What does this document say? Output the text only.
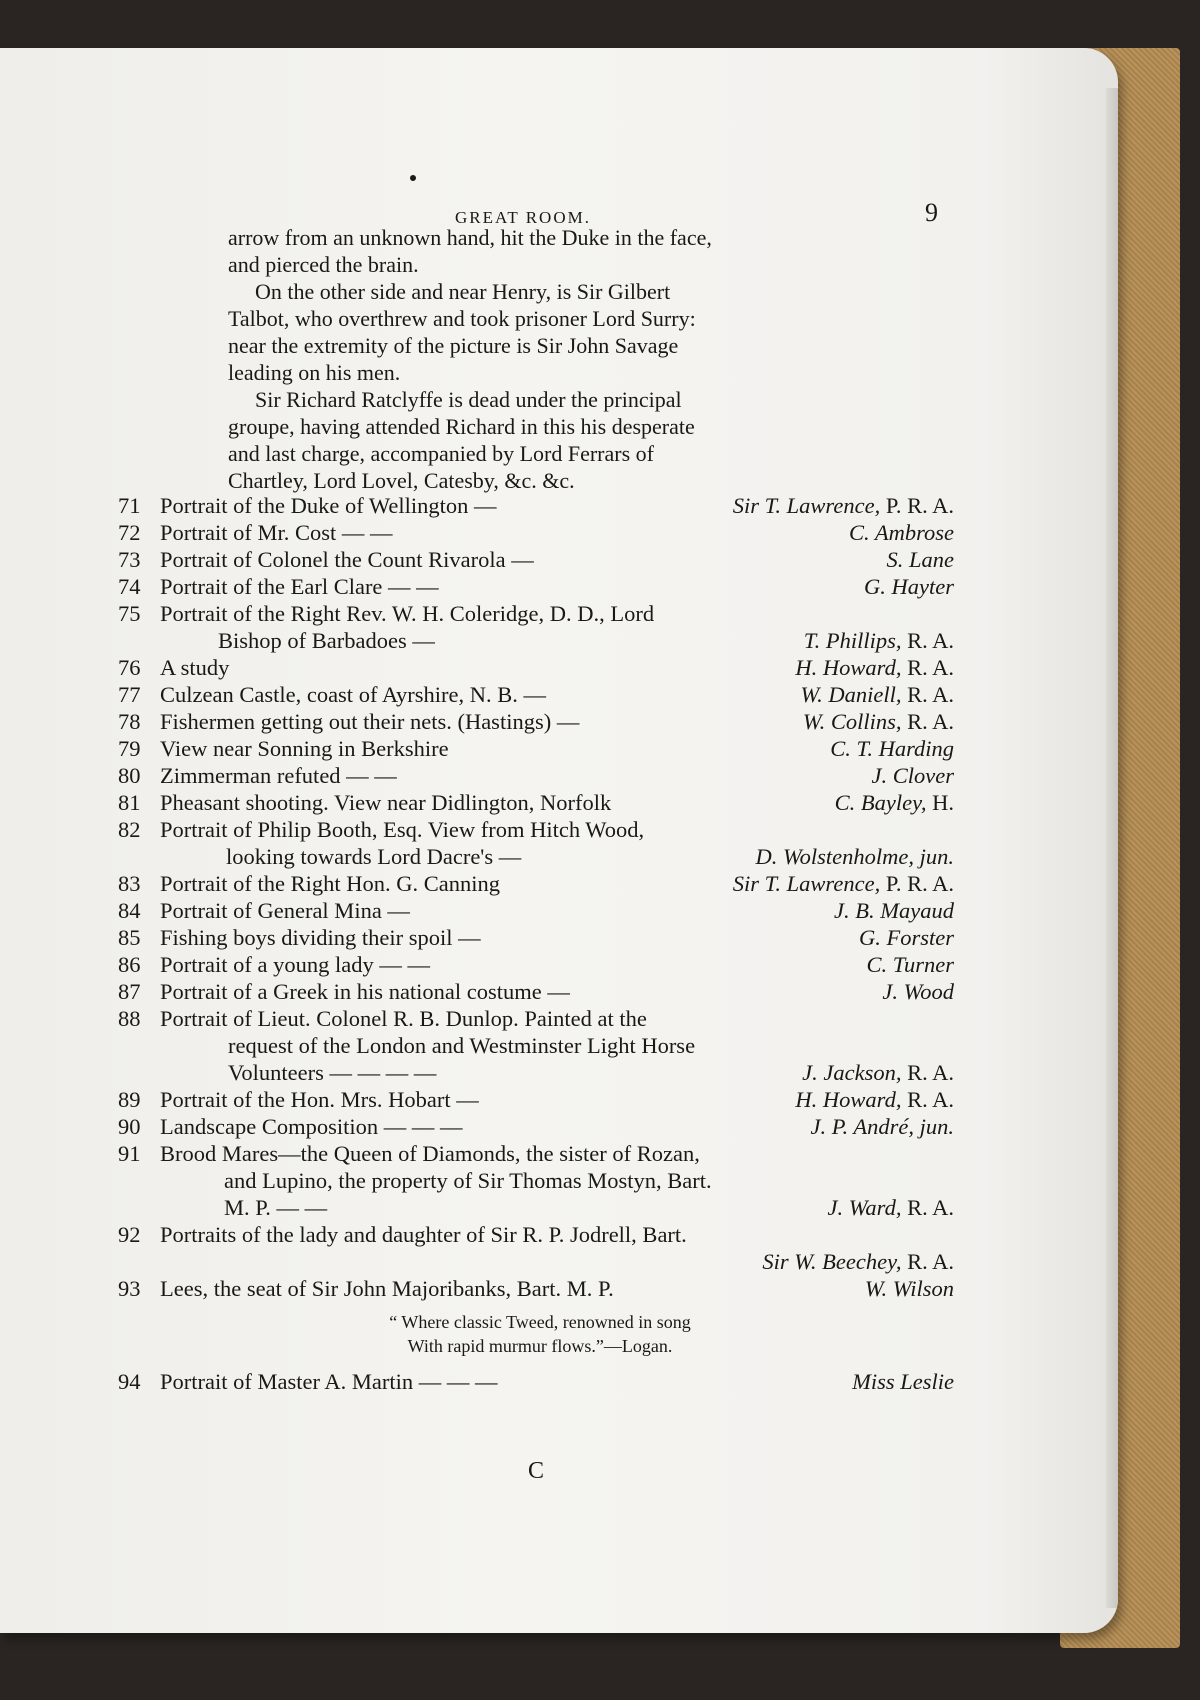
GREAT ROOM.	9
arrow from an unknown hand, hit the Duke in the face,
and pierced the brain.
On the other side and near Henry, is Sir Gilbert
Talbot, who overthrew and took prisoner Lord Surry:
near the extremity of the picture is Sir John Savage
leading on his men.
Sir Richard Ratclyffe is dead under the principal
groupe, having attended Richard in this his desperate
and last charge, accompanied by Lord Ferrars of
Chartley, Lord Lovel, Catesby, &c. &c.
71 Portrait of the Duke of Wellington —	Sir T. Lawrence, P. R. A.
72 Portrait of Mr. Cost — —	C. Ambrose
73 Portrait of Colonel the Count Rivarola —	S. Lane
74 Portrait of the Earl Clare — —	G. Hayter
75 Portrait of the Right Rev. W. H. Coleridge, D. D., Lord
Bishop of Barbadoes —	T. Phillips, R. A.
76 A study	H. Howard, R. A.
77 Culzean Castle, coast of Ayrshire, N. B. —	W. Daniell, R. A.
78 Fishermen getting out their nets. (Hastings) —	W. Collins, R. A.
79 View near Sonning in Berkshire	C. T. Harding
80 Zimmerman refuted — —	J. Clover
81 Pheasant shooting. View near Didlington, Norfolk	C. Bayley, H.
82 Portrait of Philip Booth, Esq. View from Hitch Wood,
looking towards Lord Dacre's —	D. Wolstenholme, jun.
83 Portrait of the Right Hon. G. Canning	Sir T. Lawrence, P. R. A.
84 Portrait of General Mina —	J. B. Mayaud
85 Fishing boys dividing their spoil —	G. Forster
86 Portrait of a young lady — —	C. Turner
87 Portrait of a Greek in his national costume —	J. Wood
88 Portrait of Lieut. Colonel R. B. Dunlop. Painted at the
request of the London and Westminster Light Horse
Volunteers — — — —	J. Jackson, R. A.
89 Portrait of the Hon. Mrs. Hobart —	H. Howard, R. A.
90 Landscape Composition — — —	J. P. André, jun.
91 Brood Mares—the Queen of Diamonds, the sister of Rozan,
and Lupino, the property of Sir Thomas Mostyn, Bart.
M. P. — —	J. Ward, R. A.
92 Portraits of the lady and daughter of Sir R. P. Jodrell, Bart.
Sir W. Beechey, R. A.
93 Lees, the seat of Sir John Majoribanks, Bart. M. P.	W. Wilson
“ Where classic Tweed, renowned in song
With rapid murmur flows.”—Logan.
94 Portrait of Master A. Martin — — —	Miss Leslie
C
